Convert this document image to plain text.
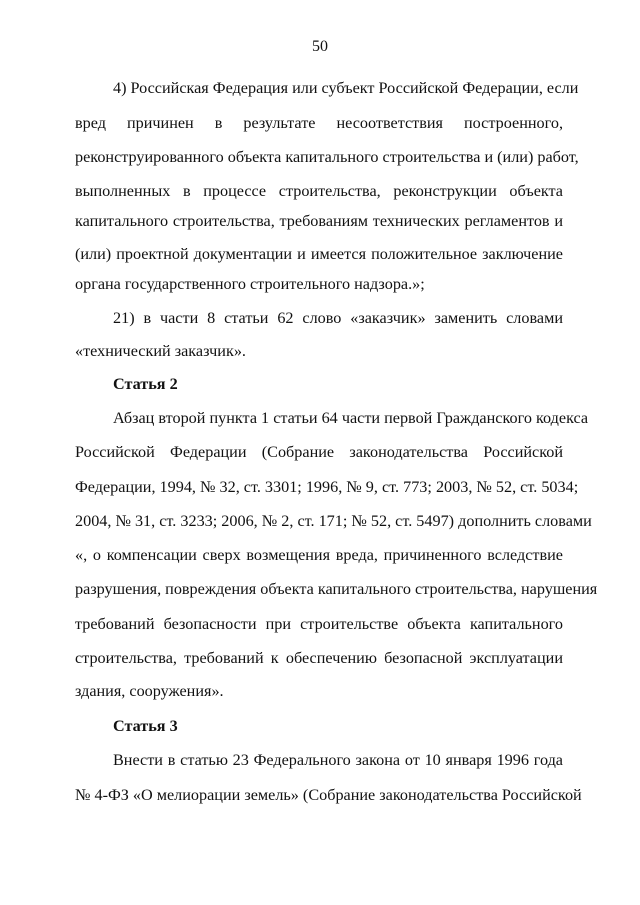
50
4) Российская Федерация или субъект Российской Федерации, если
вред причинен в результате несоответствия построенного,
реконструированного объекта капитального строительства и (или) работ,
выполненных в процессе строительства, реконструкции объекта
капитального строительства, требованиям технических регламентов и
(или) проектной документации и имеется положительное заключение
органа государственного строительного надзора.»;
21) в части 8 статьи 62 слово «заказчик» заменить словами
«технический заказчик».
Статья 2
Абзац второй пункта 1 статьи 64 части первой Гражданского кодекса
Российской Федерации (Собрание законодательства Российской
Федерации, 1994, № 32, ст. 3301; 1996, № 9, ст. 773; 2003, № 52, ст. 5034;
2004, № 31, ст. 3233; 2006, № 2, ст. 171; № 52, ст. 5497) дополнить словами
«, о компенсации сверх возмещения вреда, причиненного вследствие
разрушения, повреждения объекта капитального строительства, нарушения
требований безопасности при строительстве объекта капитального
строительства, требований к обеспечению безопасной эксплуатации
здания, сооружения».
Статья 3
Внести в статью 23 Федерального закона от 10 января 1996 года
№ 4-ФЗ «О мелиорации земель» (Собрание законодательства Российской
